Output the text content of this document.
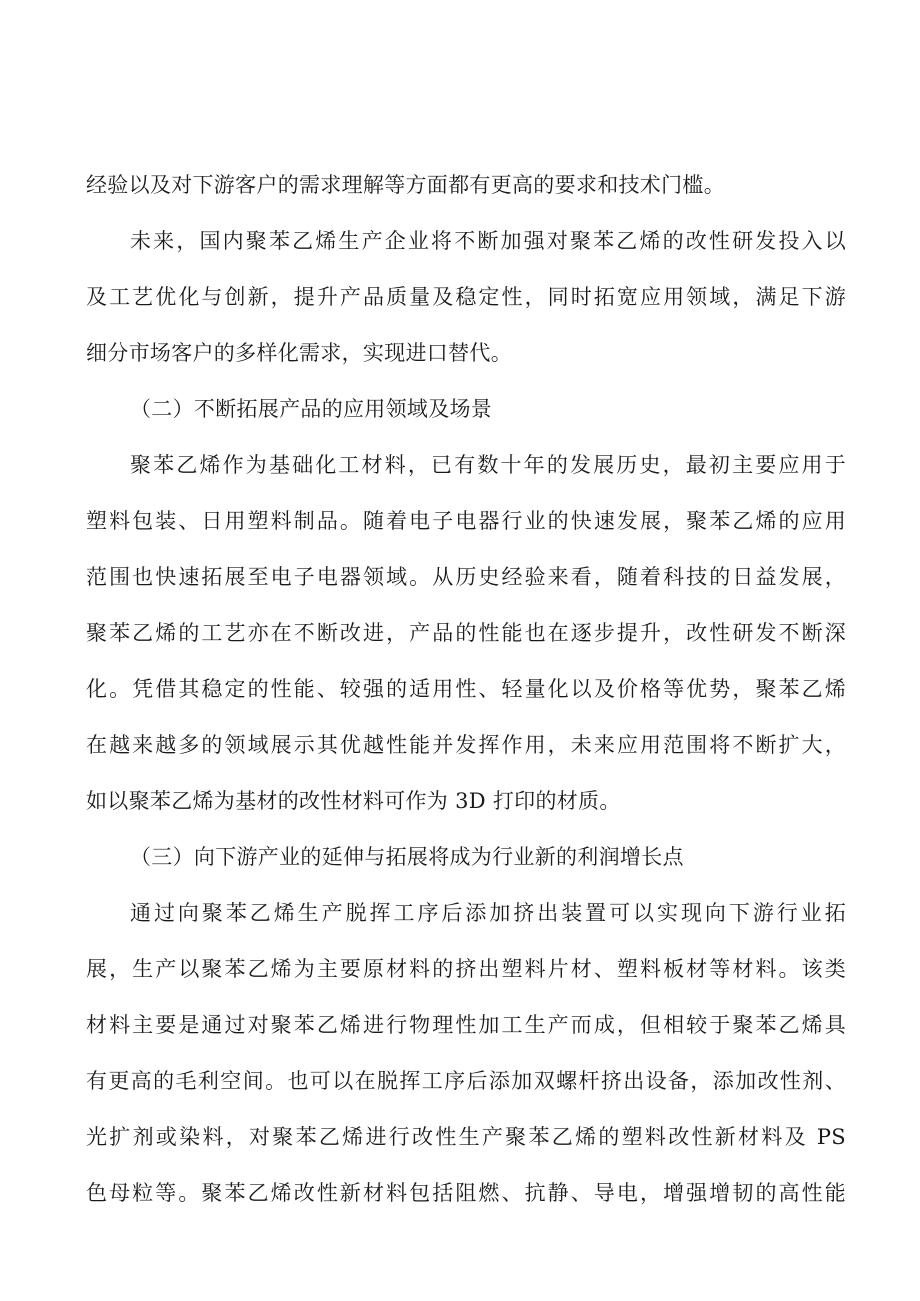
经验以及对下游客户的需求理解等方面都有更高的要求和技术门槛。
未来，国内聚苯乙烯生产企业将不断加强对聚苯乙烯的改性研发投入以
及工艺优化与创新，提升产品质量及稳定性，同时拓宽应用领域，满足下游
细分市场客户的多样化需求，实现进口替代。
（二）不断拓展产品的应用领域及场景
聚苯乙烯作为基础化工材料，已有数十年的发展历史，最初主要应用于
塑料包装、日用塑料制品。随着电子电器行业的快速发展，聚苯乙烯的应用
范围也快速拓展至电子电器领域。从历史经验来看，随着科技的日益发展，
聚苯乙烯的工艺亦在不断改进，产品的性能也在逐步提升，改性研发不断深
化。凭借其稳定的性能、较强的适用性、轻量化以及价格等优势，聚苯乙烯
在越来越多的领域展示其优越性能并发挥作用，未来应用范围将不断扩大，
如以聚苯乙烯为基材的改性材料可作为 3D 打印的材质。
（三）向下游产业的延伸与拓展将成为行业新的利润增长点
通过向聚苯乙烯生产脱挥工序后添加挤出装置可以实现向下游行业拓
展，生产以聚苯乙烯为主要原材料的挤出塑料片材、塑料板材等材料。该类
材料主要是通过对聚苯乙烯进行物理性加工生产而成，但相较于聚苯乙烯具
有更高的毛利空间。也可以在脱挥工序后添加双螺杆挤出设备，添加改性剂、
光扩剂或染料，对聚苯乙烯进行改性生产聚苯乙烯的塑料改性新材料及 PS
色母粒等。聚苯乙烯改性新材料包括阻燃、抗静、导电，增强增韧的高性能
